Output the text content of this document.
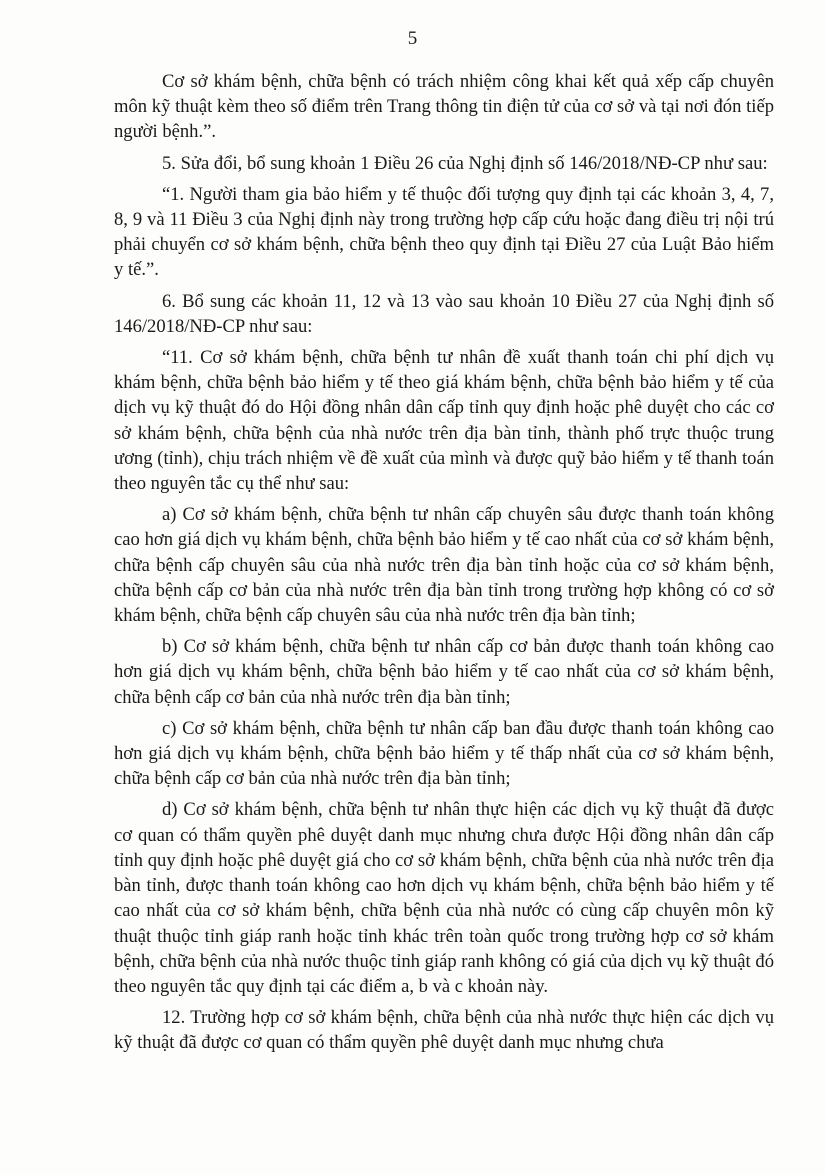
5

Cơ sở khám bệnh, chữa bệnh có trách nhiệm công khai kết quả xếp cấp chuyên môn kỹ thuật kèm theo số điểm trên Trang thông tin điện tử của cơ sở và tại nơi đón tiếp người bệnh.”.

5. Sửa đổi, bổ sung khoản 1 Điều 26 của Nghị định số 146/2018/NĐ-CP như sau:

“1. Người tham gia bảo hiểm y tế thuộc đối tượng quy định tại các khoản 3, 4, 7, 8, 9 và 11 Điều 3 của Nghị định này trong trường hợp cấp cứu hoặc đang điều trị nội trú phải chuyển cơ sở khám bệnh, chữa bệnh theo quy định tại Điều 27 của Luật Bảo hiểm y tế.”.

6. Bổ sung các khoản 11, 12 và 13 vào sau khoản 10 Điều 27 của Nghị định số 146/2018/NĐ-CP như sau:

“11. Cơ sở khám bệnh, chữa bệnh tư nhân đề xuất thanh toán chi phí dịch vụ khám bệnh, chữa bệnh bảo hiểm y tế theo giá khám bệnh, chữa bệnh bảo hiểm y tế của dịch vụ kỹ thuật đó do Hội đồng nhân dân cấp tỉnh quy định hoặc phê duyệt cho các cơ sở khám bệnh, chữa bệnh của nhà nước trên địa bàn tỉnh, thành phố trực thuộc trung ương (tỉnh), chịu trách nhiệm về đề xuất của mình và được quỹ bảo hiểm y tế thanh toán theo nguyên tắc cụ thể như sau:

a) Cơ sở khám bệnh, chữa bệnh tư nhân cấp chuyên sâu được thanh toán không cao hơn giá dịch vụ khám bệnh, chữa bệnh bảo hiểm y tế cao nhất của cơ sở khám bệnh, chữa bệnh cấp chuyên sâu của nhà nước trên địa bàn tỉnh hoặc của cơ sở khám bệnh, chữa bệnh cấp cơ bản của nhà nước trên địa bàn tỉnh trong trường hợp không có cơ sở khám bệnh, chữa bệnh cấp chuyên sâu của nhà nước trên địa bàn tỉnh;

b) Cơ sở khám bệnh, chữa bệnh tư nhân cấp cơ bản được thanh toán không cao hơn giá dịch vụ khám bệnh, chữa bệnh bảo hiểm y tế cao nhất của cơ sở khám bệnh, chữa bệnh cấp cơ bản của nhà nước trên địa bàn tỉnh;

c) Cơ sở khám bệnh, chữa bệnh tư nhân cấp ban đầu được thanh toán không cao hơn giá dịch vụ khám bệnh, chữa bệnh bảo hiểm y tế thấp nhất của cơ sở khám bệnh, chữa bệnh cấp cơ bản của nhà nước trên địa bàn tỉnh;

d) Cơ sở khám bệnh, chữa bệnh tư nhân thực hiện các dịch vụ kỹ thuật đã được cơ quan có thẩm quyền phê duyệt danh mục nhưng chưa được Hội đồng nhân dân cấp tỉnh quy định hoặc phê duyệt giá cho cơ sở khám bệnh, chữa bệnh của nhà nước trên địa bàn tỉnh, được thanh toán không cao hơn dịch vụ khám bệnh, chữa bệnh bảo hiểm y tế cao nhất của cơ sở khám bệnh, chữa bệnh của nhà nước có cùng cấp chuyên môn kỹ thuật thuộc tỉnh giáp ranh hoặc tỉnh khác trên toàn quốc trong trường hợp cơ sở khám bệnh, chữa bệnh của nhà nước thuộc tỉnh giáp ranh không có giá của dịch vụ kỹ thuật đó theo nguyên tắc quy định tại các điểm a, b và c khoản này.

12. Trường hợp cơ sở khám bệnh, chữa bệnh của nhà nước thực hiện các dịch vụ kỹ thuật đã được cơ quan có thẩm quyền phê duyệt danh mục nhưng chưa
